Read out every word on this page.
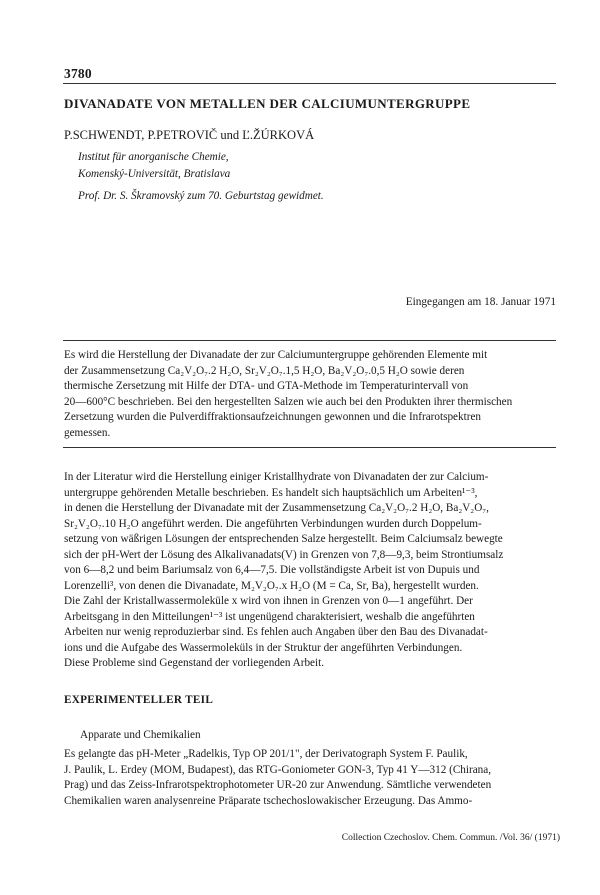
3780
DIVANADATE VON METALLEN DER CALCIUMUNTERGRUPPE
P.SCHWENDT, P.PETROVIČ und Ľ.ŽÚRKOVÁ
Institut für anorganische Chemie,
Komenský-Universität, Bratislava
Prof. Dr. S. Škramovský zum 70. Geburtstag gewidmet.
Eingegangen am 18. Januar 1971
Es wird die Herstellung der Divanadate der zur Calciumuntergruppe gehörenden Elemente mit
der Zusammensetzung Ca₂V₂O₇.2 H₂O, Sr₂V₂O₇.1,5 H₂O, Ba₂V₂O₇.0,5 H₂O sowie deren
thermische Zersetzung mit Hilfe der DTA- und GTA-Methode im Temperaturintervall von
20—600°C beschrieben. Bei den hergestellten Salzen wie auch bei den Produkten ihrer thermischen
Zersetzung wurden die Pulverdiffraktionsaufzeichnungen gewonnen und die Infrarotspektren
gemessen.
In der Literatur wird die Herstellung einiger Kristallhydrate von Divanadaten der zur Calcium-
untergruppe gehörenden Metalle beschrieben. Es handelt sich hauptsächlich um Arbeiten¹⁻³,
in denen die Herstellung der Divanadate mit der Zusammensetzung Ca₂V₂O₇.2 H₂O, Ba₂V₂O₇,
Sr₂V₂O₇.10 H₂O angeführt werden. Die angeführten Verbindungen wurden durch Doppelum-
setzung von wäßrigen Lösungen der entsprechenden Salze hergestellt. Beim Calciumsalz bewegte
sich der pH-Wert der Lösung des Alkalivanadats(V) in Grenzen von 7,8—9,3, beim Strontiumsalz
von 6—8,2 und beim Bariumsalz von 6,4—7,5. Die vollständigste Arbeit ist von Dupuis und
Lorenzelli³, von denen die Divanadate, M₂V₂O₇.x H₂O (M = Ca, Sr, Ba), hergestellt wurden.
Die Zahl der Kristallwassermoleküle x wird von ihnen in Grenzen von 0—1 angeführt. Der
Arbeitsgang in den Mitteilungen¹⁻³ ist ungenügend charakterisiert, weshalb die angeführten
Arbeiten nur wenig reproduzierbar sind. Es fehlen auch Angaben über den Bau des Divanadat-
ions und die Aufgabe des Wassermoleküls in der Struktur der angeführten Verbindungen.
Diese Probleme sind Gegenstand der vorliegenden Arbeit.
EXPERIMENTELLER TEIL
Apparate und Chemikalien
Es gelangte das pH-Meter „Radelkis, Typ OP 201/1", der Derivatograph System F. Paulik,
J. Paulik, L. Erdey (MOM, Budapest), das RTG-Goniometer GON-3, Typ 41 Y—312 (Chirana,
Prag) und das Zeiss-Infrarotspektrophotometer UR-20 zur Anwendung. Sämtliche verwendeten
Chemikalien waren analysenreine Präparate tschechoslowakischer Erzeugung. Das Ammo-
Collection Czechoslov. Chem. Commun. /Vol. 36/ (1971)
